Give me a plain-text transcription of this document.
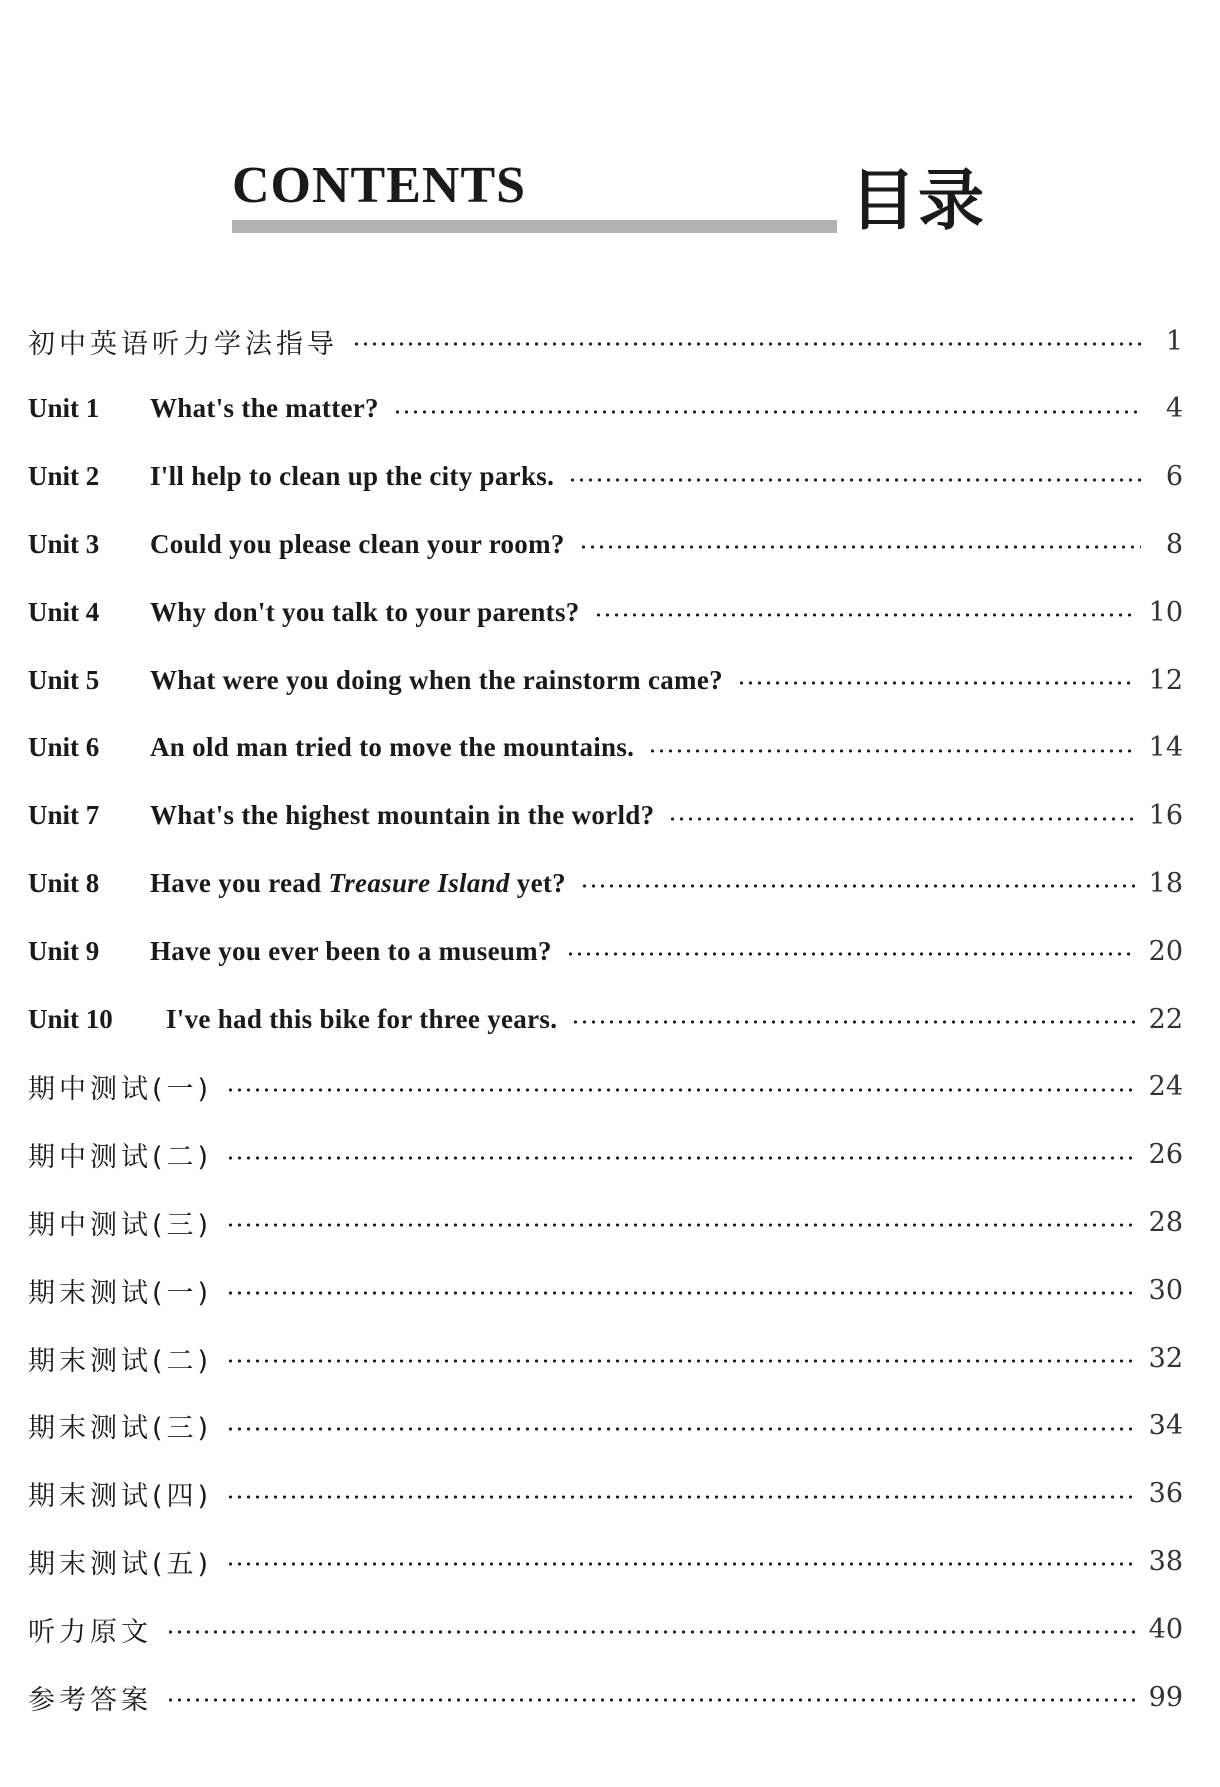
CONTENTS	目录
初中英语听力学法指导	1
Unit 1	What's the matter?	4
Unit 2	I'll help to clean up the city parks.	6
Unit 3	Could you please clean your room?	8
Unit 4	Why don't you talk to your parents?	10
Unit 5	What were you doing when the rainstorm came?	12
Unit 6	An old man tried to move the mountains.	14
Unit 7	What's the highest mountain in the world?	16
Unit 8	Have you read Treasure Island yet?	18
Unit 9	Have you ever been to a museum?	20
Unit 10	I've had this bike for three years.	22
期中测试(一)	24
期中测试(二)	26
期中测试(三)	28
期末测试(一)	30
期末测试(二)	32
期末测试(三)	34
期末测试(四)	36
期末测试(五)	38
听力原文	40
参考答案	99
